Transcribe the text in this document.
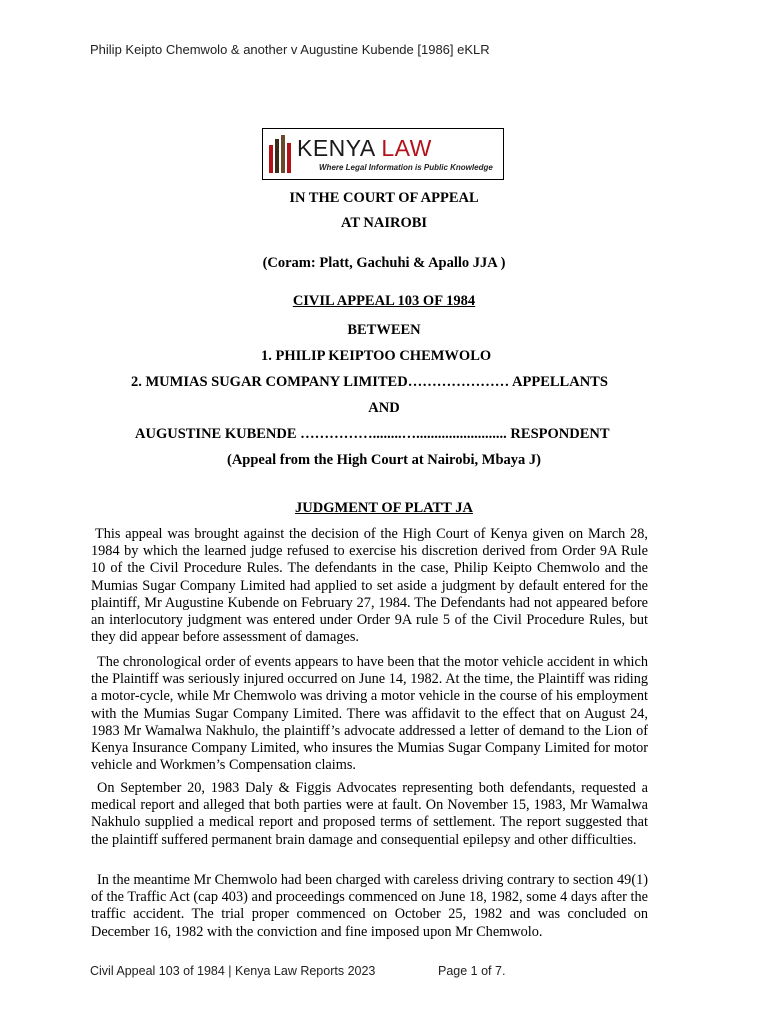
Philip Keipto Chemwolo & another v Augustine Kubende [1986] eKLR
KENYA LAW
Where Legal Information is Public Knowledge
IN THE COURT OF APPEAL
AT NAIROBI
(Coram: Platt, Gachuhi & Apallo JJA )
CIVIL APPEAL 103 OF 1984
BETWEEN
1. PHILIP KEIPTOO CHEMWOLO
2. MUMIAS SUGAR COMPANY LIMITED………………… APPELLANTS
AND
AUGUSTINE KUBENDE ……………........…......................... RESPONDENT
(Appeal from the High Court at Nairobi, Mbaya J)
JUDGMENT OF PLATT JA

This appeal was brought against the decision of the High Court of Kenya given on March 28, 1984 by which the learned judge refused to exercise his discretion derived from Order 9A Rule 10 of the Civil Procedure Rules. The defendants in the case, Philip Keipto Chemwolo and the Mumias Sugar Company Limited had applied to set aside a judgment by default entered for the plaintiff, Mr Augustine Kubende on February 27, 1984. The Defendants had not appeared before an interlocutory judgment was entered under Order 9A rule 5 of the Civil Procedure Rules, but they did appear before assessment of damages.

The chronological order of events appears to have been that the motor vehicle accident in which the Plaintiff was seriously injured occurred on June 14, 1982. At the time, the Plaintiff was riding a motor-cycle, while Mr Chemwolo was driving a motor vehicle in the course of his employment with the Mumias Sugar Company Limited. There was affidavit to the effect that on August 24, 1983 Mr Wamalwa Nakhulo, the plaintiff’s advocate addressed a letter of demand to the Lion of Kenya Insurance Company Limited, who insures the Mumias Sugar Company Limited for motor vehicle and Workmen’s Compensation claims.

On September 20, 1983 Daly & Figgis Advocates representing both defendants, requested a medical report and alleged that both parties were at fault. On November 15, 1983, Mr Wamalwa Nakhulo supplied a medical report and proposed terms of settlement. The report suggested that the plaintiff suffered permanent brain damage and consequential epilepsy and other difficulties.

In the meantime Mr Chemwolo had been charged with careless driving contrary to section 49(1) of the Traffic Act (cap 403) and proceedings commenced on June 18, 1982, some 4 days after the traffic accident. The trial proper commenced on October 25, 1982 and was concluded on December 16, 1982 with the conviction and fine imposed upon Mr Chemwolo.

Civil Appeal 103 of 1984 | Kenya Law Reports 2023	Page 1 of 7.
